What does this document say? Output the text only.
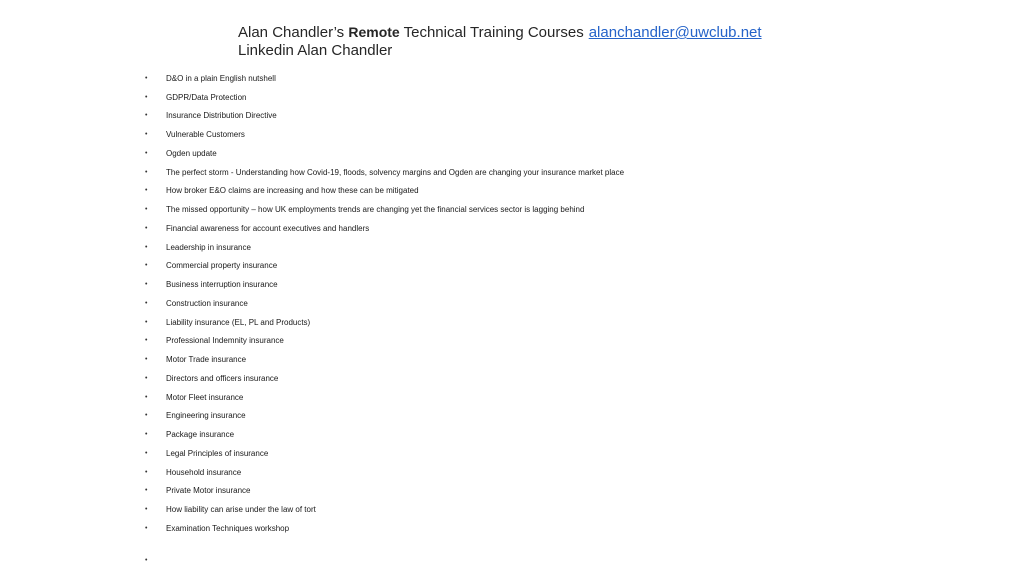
Alan Chandler’s Remote Technical Training Courses alanchandler@uwclub.net
Linkedin Alan Chandler
• D&O in a plain English nutshell
• GDPR/Data Protection
• Insurance Distribution Directive
• Vulnerable Customers
• Ogden update
• The perfect storm - Understanding how Covid-19, floods, solvency margins and Ogden are changing your insurance market place
• How broker E&O claims are increasing and how these can be mitigated
• The missed opportunity – how UK employments trends are changing yet the financial services sector is lagging behind
• Financial awareness for account executives and handlers
• Leadership in insurance
• Commercial property insurance
• Business interruption insurance
• Construction insurance
• Liability insurance (EL, PL and Products)
• Professional Indemnity insurance
• Motor Trade insurance
• Directors and officers insurance
• Motor Fleet insurance
• Engineering insurance
• Package insurance
• Legal Principles of insurance
• Household insurance
• Private Motor insurance
• How liability can arise under the law of tort
• Examination Techniques workshop
•
